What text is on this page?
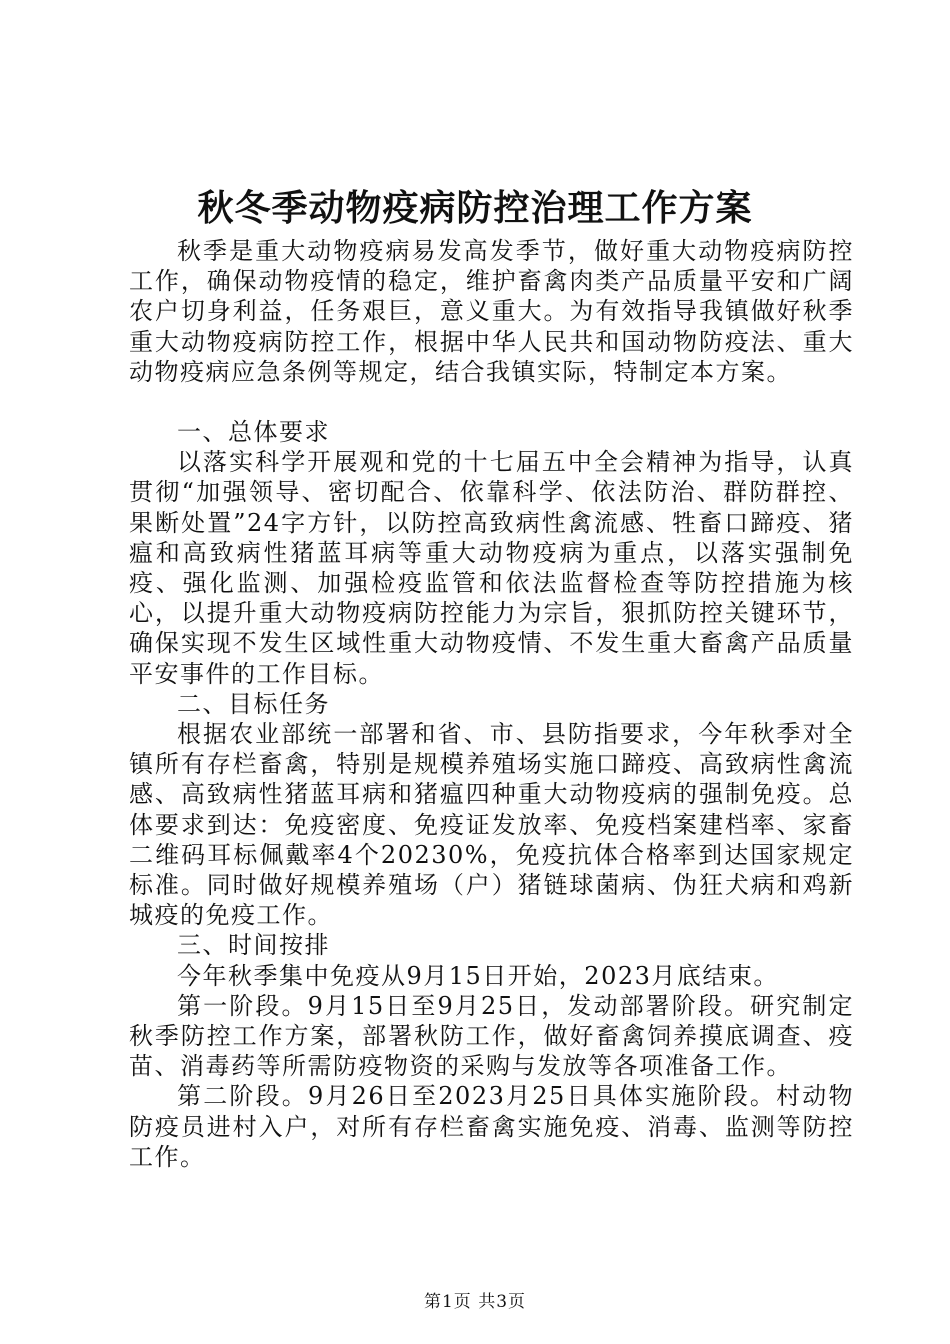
秋冬季动物疫病防控治理工作方案

秋季是重大动物疫病易发高发季节，做好重大动物疫病防控工作，确保动物疫情的稳定，维护畜禽肉类产品质量平安和广阔农户切身利益，任务艰巨，意义重大。为有效指导我镇做好秋季重大动物疫病防控工作，根据中华人民共和国动物防疫法、重大动物疫病应急条例等规定，结合我镇实际，特制定本方案。

一、总体要求

以落实科学开展观和党的十七届五中全会精神为指导，认真贯彻“加强领导、密切配合、依靠科学、依法防治、群防群控、果断处置”24字方针，以防控高致病性禽流感、牲畜口蹄疫、猪瘟和高致病性猪蓝耳病等重大动物疫病为重点，以落实强制免疫、强化监测、加强检疫监管和依法监督检查等防控措施为核心，以提升重大动物疫病防控能力为宗旨，狠抓防控关键环节，确保实现不发生区域性重大动物疫情、不发生重大畜禽产品质量平安事件的工作目标。

二、目标任务

根据农业部统一部署和省、市、县防指要求，今年秋季对全镇所有存栏畜禽，特别是规模养殖场实施口蹄疫、高致病性禽流感、高致病性猪蓝耳病和猪瘟四种重大动物疫病的强制免疫。总体要求到达：免疫密度、免疫证发放率、免疫档案建档率、家畜二维码耳标佩戴率4个20230%，免疫抗体合格率到达国家规定标准。同时做好规模养殖场（户）猪链球菌病、伪狂犬病和鸡新城疫的免疫工作。

三、时间按排

今年秋季集中免疫从9月15日开始，2023月底结束。

第一阶段。9月15日至9月25日，发动部署阶段。研究制定秋季防控工作方案，部署秋防工作，做好畜禽饲养摸底调查、疫苗、消毒药等所需防疫物资的采购与发放等各项准备工作。

第二阶段。9月26日至2023月25日具体实施阶段。村动物防疫员进村入户，对所有存栏畜禽实施免疫、消毒、监测等防控工作。

第1页 共3页
